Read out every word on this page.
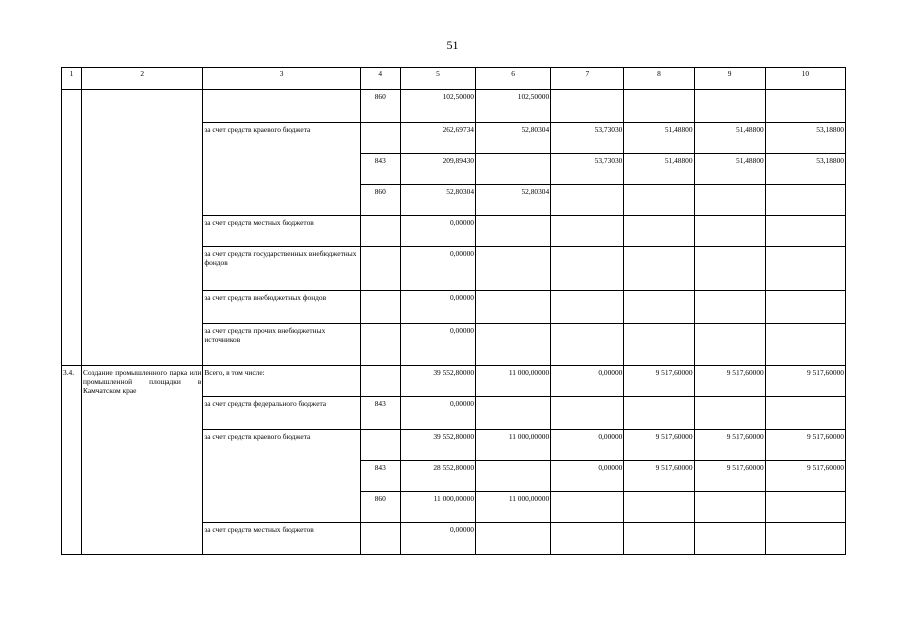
51
1	2	3	4	5	6	7	8	9	10
			860	102,50000	102,50000				
		за счет средств краевого бюджета		262,69734	52,80304	53,73030	51,48800	51,48800	53,18800
			843	209,89430		53,73030	51,48800	51,48800	53,18800
			860	52,80304	52,80304				
		за счет средств местных бюджетов		0,00000					
		за счет средств государственных внебюджетных фондов		0,00000					
		за счет средств внебюджетных фондов		0,00000					
		за счет средств прочих внебюджетных источников		0,00000					
3.4.	Создание промышленного парка или промышленной площадки в Камчатском крае	Всего, в том числе:		39 552,80000	11 000,00000	0,00000	9 517,60000	9 517,60000	9 517,60000
		за счет средств федерального бюджета	843	0,00000					
		за счет средств краевого бюджета		39 552,80000	11 000,00000	0,00000	9 517,60000	9 517,60000	9 517,60000
			843	28 552,80000		0,00000	9 517,60000	9 517,60000	9 517,60000
			860	11 000,00000	11 000,00000				
		за счет средств местных бюджетов		0,00000					
